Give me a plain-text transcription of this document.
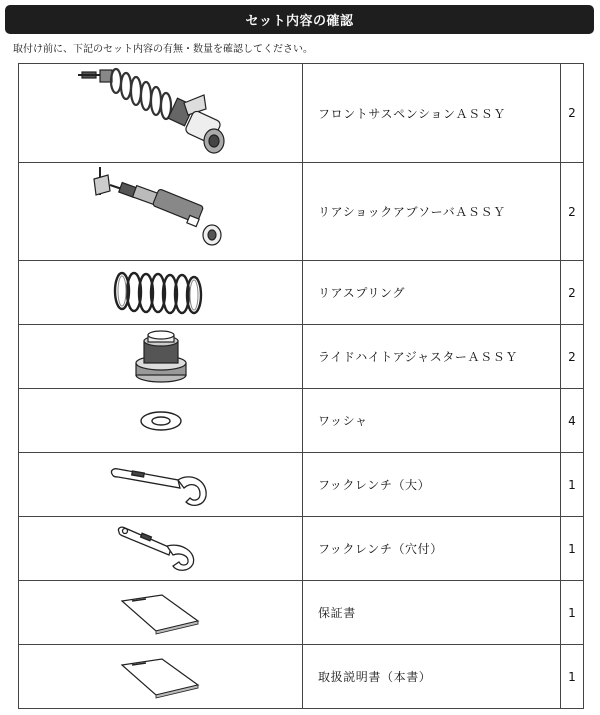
セット内容の確認
取付け前に、下記のセット内容の有無・数量を確認してください。
	フロントサスペンションＡＳＳＹ	2

	リアショックアブソーバＡＳＳＹ	2

	リアスプリング	2

	ライドハイトアジャスターＡＳＳＹ	2

	ワッシャ	4

	フックレンチ（大）	1

	フックレンチ（穴付）	1

	保証書	1

	取扱説明書（本書）	1
